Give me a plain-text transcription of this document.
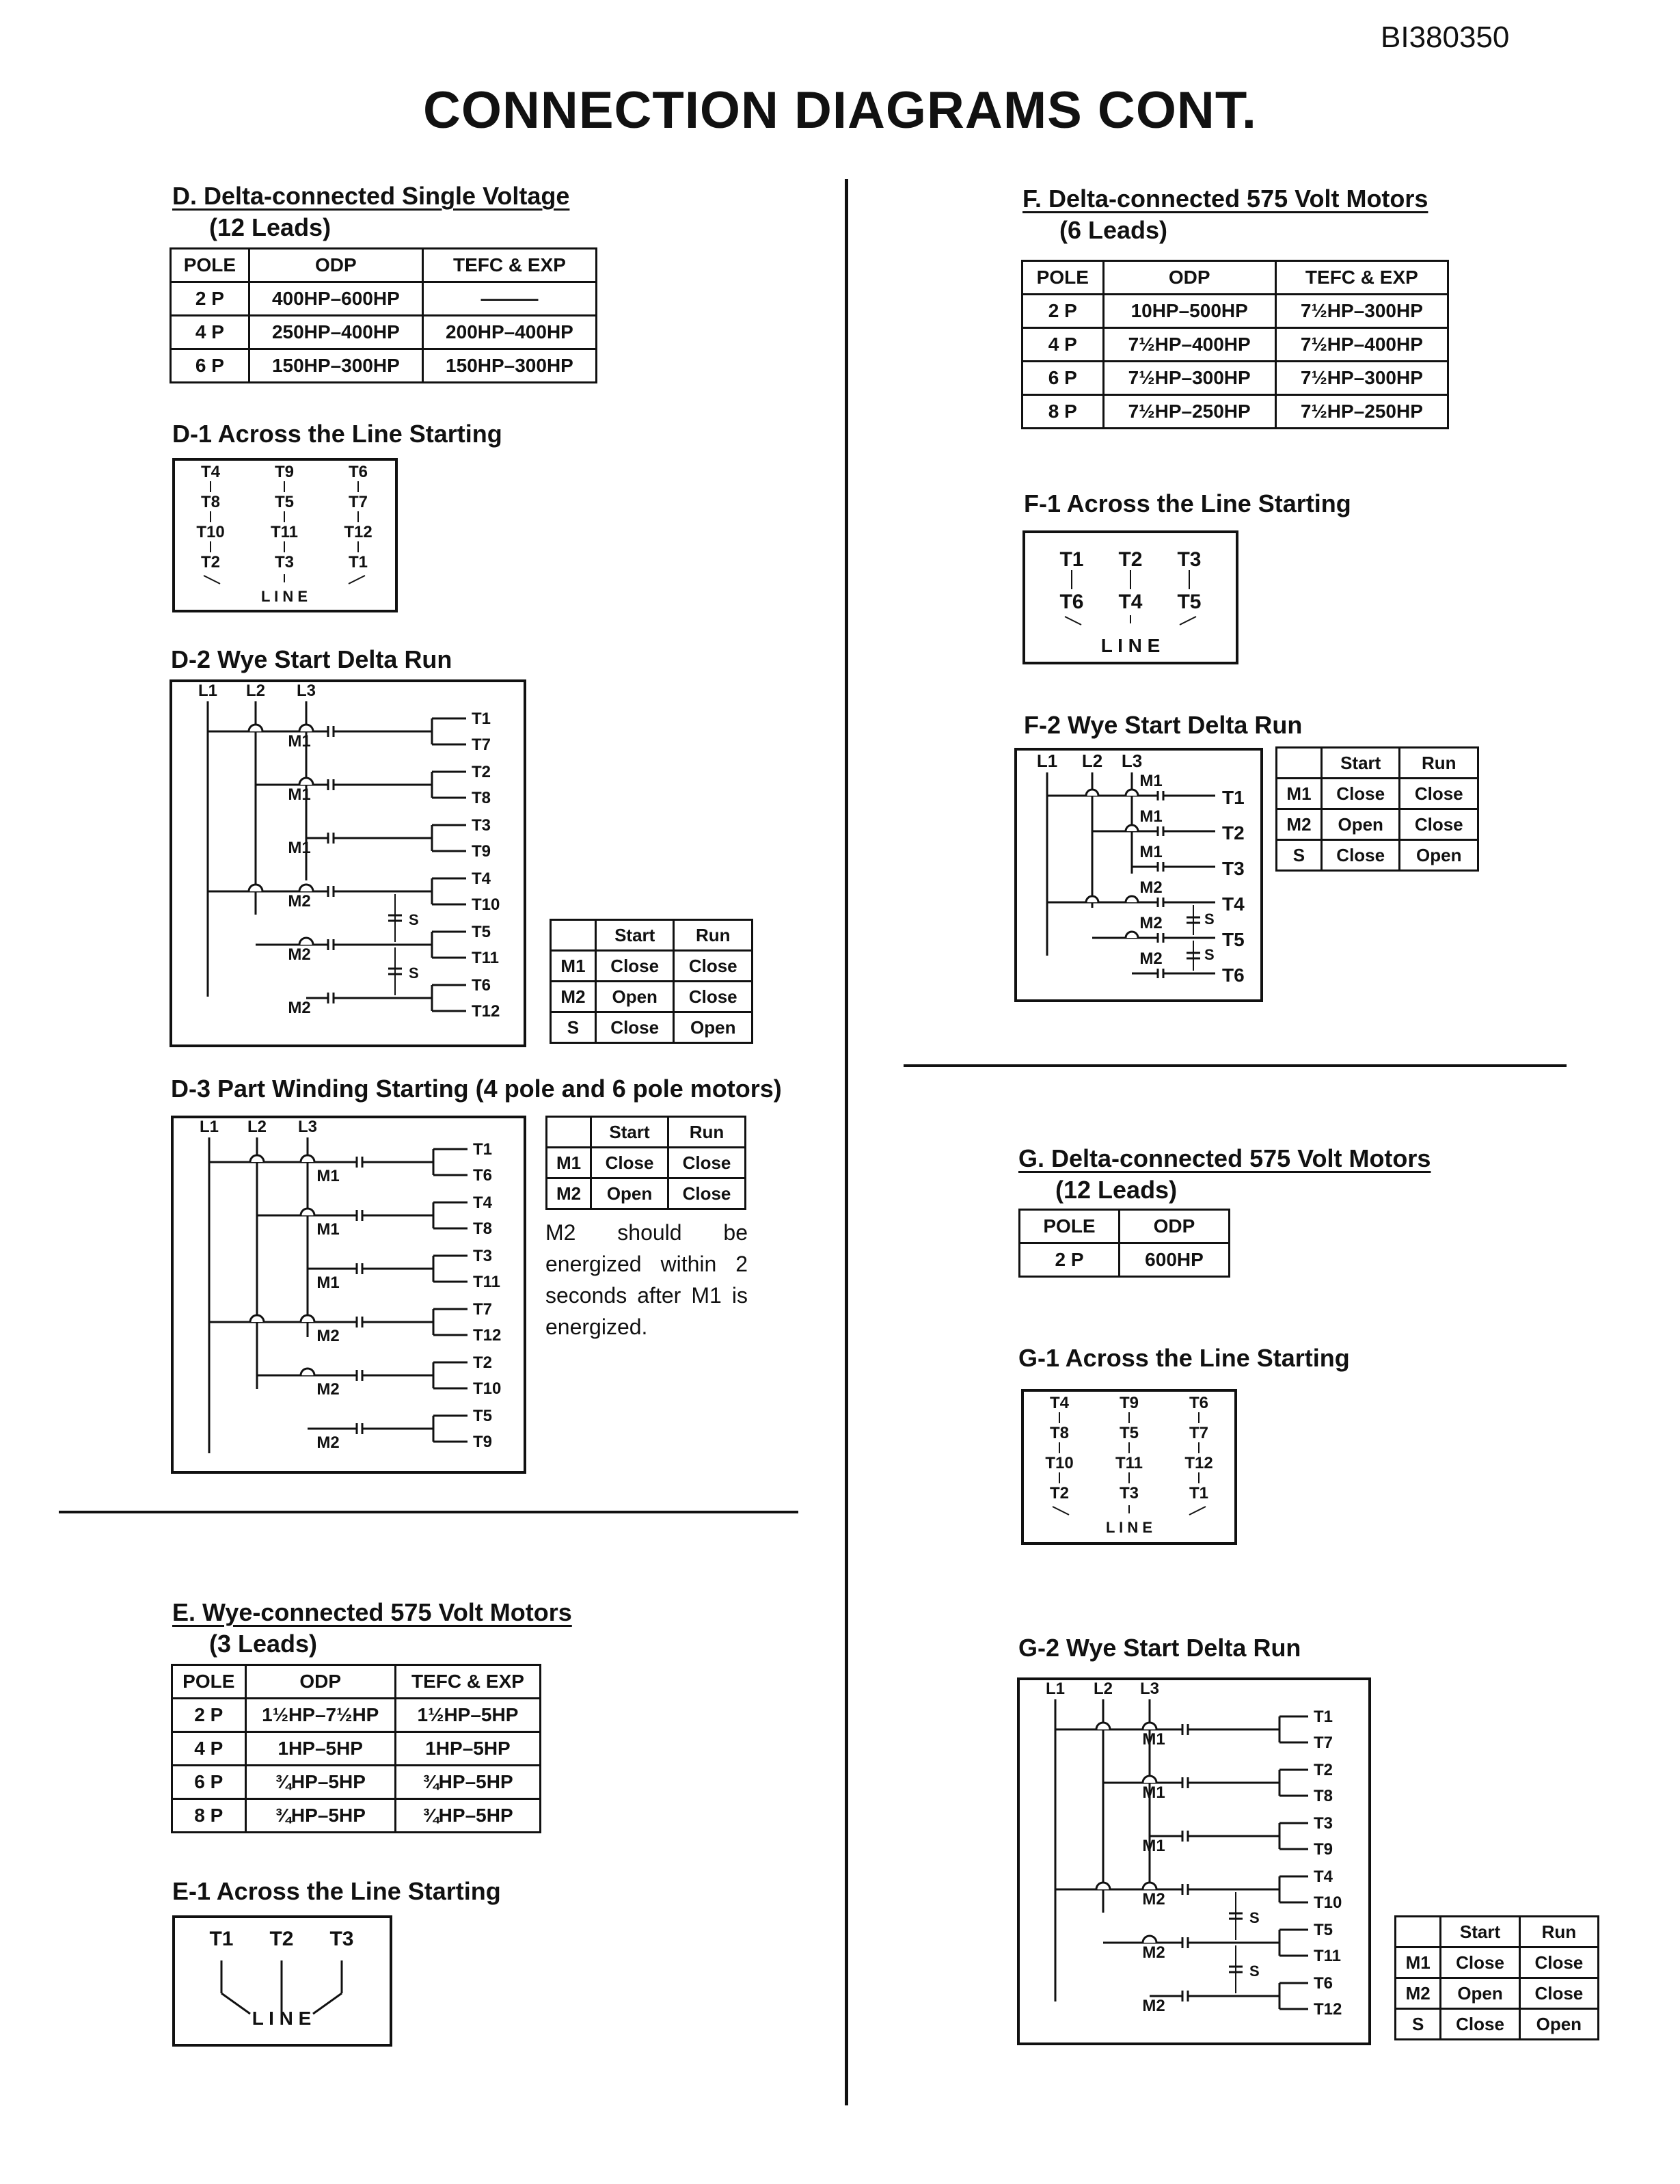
BI380350
CONNECTION DIAGRAMS CONT.
D. Delta-connected Single Voltage
(12 Leads)
POLE	ODP	TEFC & EXP
2 P	400HP–600HP	———
4 P	250HP–400HP	200HP–400HP
6 P	150HP–300HP	150HP–300HP
D-1 Across the Line Starting
T4	T9	T6
T8	T5	T7
T10	T11	T12
T2	T3	T1
L I N E
D-2 Wye Start Delta Run
L1 L2 L3
M1
T1
T7
M1
T2
T8
M1
T3
T9
M2
T4
T10
S
M2
T5
T11
S
M2
T6
T12
	Start	Run
M1	Close	Close
M2	Open	Close
S	Close	Open
D-3 Part Winding Starting (4 pole and 6 pole motors)
L1 L2 L3
M1
T1
T6
M1
T4
T8
M1
T3
T11
M2
T7
T12
M2
T2
T10
M2
T5
T9
	Start	Run
M1	Close	Close
M2	Open	Close
M2 should be energized within 2 seconds after M1 is energized.
E. Wye-connected 575 Volt Motors
(3 Leads)
POLE	ODP	TEFC & EXP
2 P	1½HP–7½HP	1½HP–5HP
4 P	1HP–5HP	1HP–5HP
6 P	¾HP–5HP	¾HP–5HP
8 P	¾HP–5HP	¾HP–5HP
E-1 Across the Line Starting
T1 T2 T3
L I N E
F. Delta-connected 575 Volt Motors
(6 Leads)
POLE	ODP	TEFC & EXP
2 P	10HP–500HP	7½HP–300HP
4 P	7½HP–400HP	7½HP–400HP
6 P	7½HP–300HP	7½HP–300HP
8 P	7½HP–250HP	7½HP–250HP
F-1 Across the Line Starting
T1 T2 T3
T6 T4 T5
L I N E
F-2 Wye Start Delta Run
L1 L2 L3
M1
T1
M1
T2
M1
T3
M2
T4
S
M2
T5
S
M2
T6
	Start	Run
M1	Close	Close
M2	Open	Close
S	Close	Open
G. Delta-connected 575 Volt Motors
(12 Leads)
POLE	ODP
2 P	600HP
G-1 Across the Line Starting
T4	T9	T6
T8	T5	T7
T10	T11	T12
T2	T3	T1
L I N E
G-2 Wye Start Delta Run
L1 L2 L3
M1
T1
T7
M1
T2
T8
M1
T3
T9
M2
T4
T10
S
M2
T5
T11
S
M2
T6
T12
	Start	Run
M1	Close	Close
M2	Open	Close
S	Close	Open
